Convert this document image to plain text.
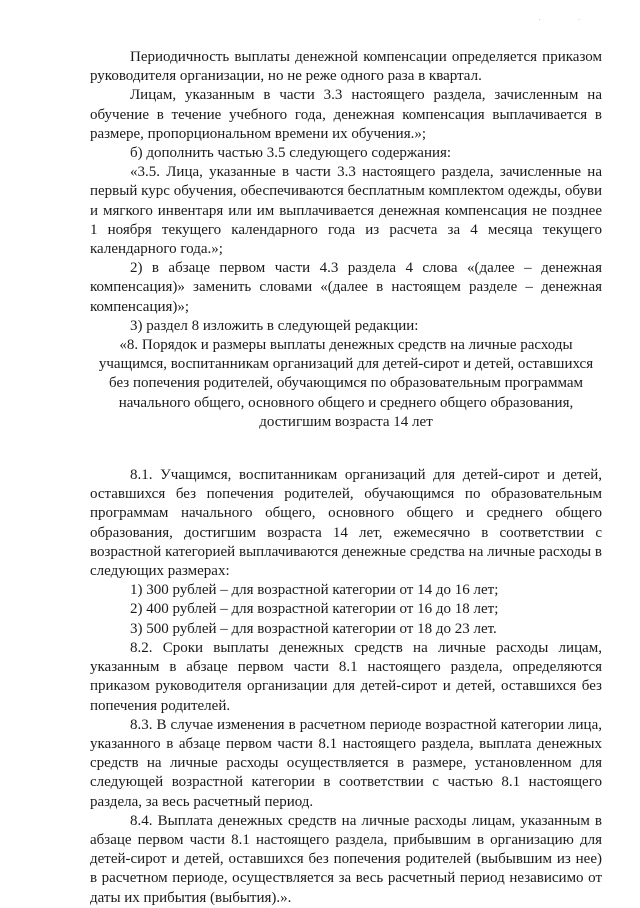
. .

Периодичность выплаты денежной компенсации определяется приказом руководителя организации, но не реже одного раза в квартал.

Лицам, указанным в части 3.3 настоящего раздела, зачисленным на обучение в течение учебного года, денежная компенсация выплачивается в размере, пропорциональном времени их обучения.»;

б) дополнить частью 3.5 следующего содержания:

«3.5. Лица, указанные в части 3.3 настоящего раздела, зачисленные на первый курс обучения, обеспечиваются бесплатным комплектом одежды, обуви и мягкого инвентаря или им выплачивается денежная компенсация не позднее 1 ноября текущего календарного года из расчета за 4 месяца текущего календарного года.»;

2) в абзаце первом части 4.3 раздела 4 слова «(далее – денежная компенсация)» заменить словами «(далее в настоящем разделе – денежная компенсация)»;

3) раздел 8 изложить в следующей редакции:

«8. Порядок и размеры выплаты денежных средств на личные расходы
учащимся, воспитанникам организаций для детей-сирот и детей, оставшихся
без попечения родителей, обучающимся по образовательным программам
начального общего, основного общего и среднего общего образования,
достигшим возраста 14 лет

8.1. Учащимся, воспитанникам организаций для детей-сирот и детей, оставшихся без попечения родителей, обучающимся по образовательным программам начального общего, основного общего и среднего общего образования, достигшим возраста 14 лет, ежемесячно в соответствии с возрастной категорией выплачиваются денежные средства на личные расходы в следующих размерах:

1) 300 рублей – для возрастной категории от 14 до 16 лет;

2) 400 рублей – для возрастной категории от 16 до 18 лет;

3) 500 рублей – для возрастной категории от 18 до 23 лет.

8.2. Сроки выплаты денежных средств на личные расходы лицам, указанным в абзаце первом части 8.1 настоящего раздела, определяются приказом руководителя организации для детей-сирот и детей, оставшихся без попечения родителей.

8.3. В случае изменения в расчетном периоде возрастной категории лица, указанного в абзаце первом части 8.1 настоящего раздела, выплата денежных средств на личные расходы осуществляется в размере, установленном для следующей возрастной категории в соответствии с частью 8.1 настоящего раздела, за весь расчетный период.

8.4. Выплата денежных средств на личные расходы лицам, указанным в абзаце первом части 8.1 настоящего раздела, прибывшим в организацию для детей-сирот и детей, оставшихся без попечения родителей (выбывшим из нее) в расчетном периоде, осуществляется за весь расчетный период независимо от даты их прибытия (выбытия).».
